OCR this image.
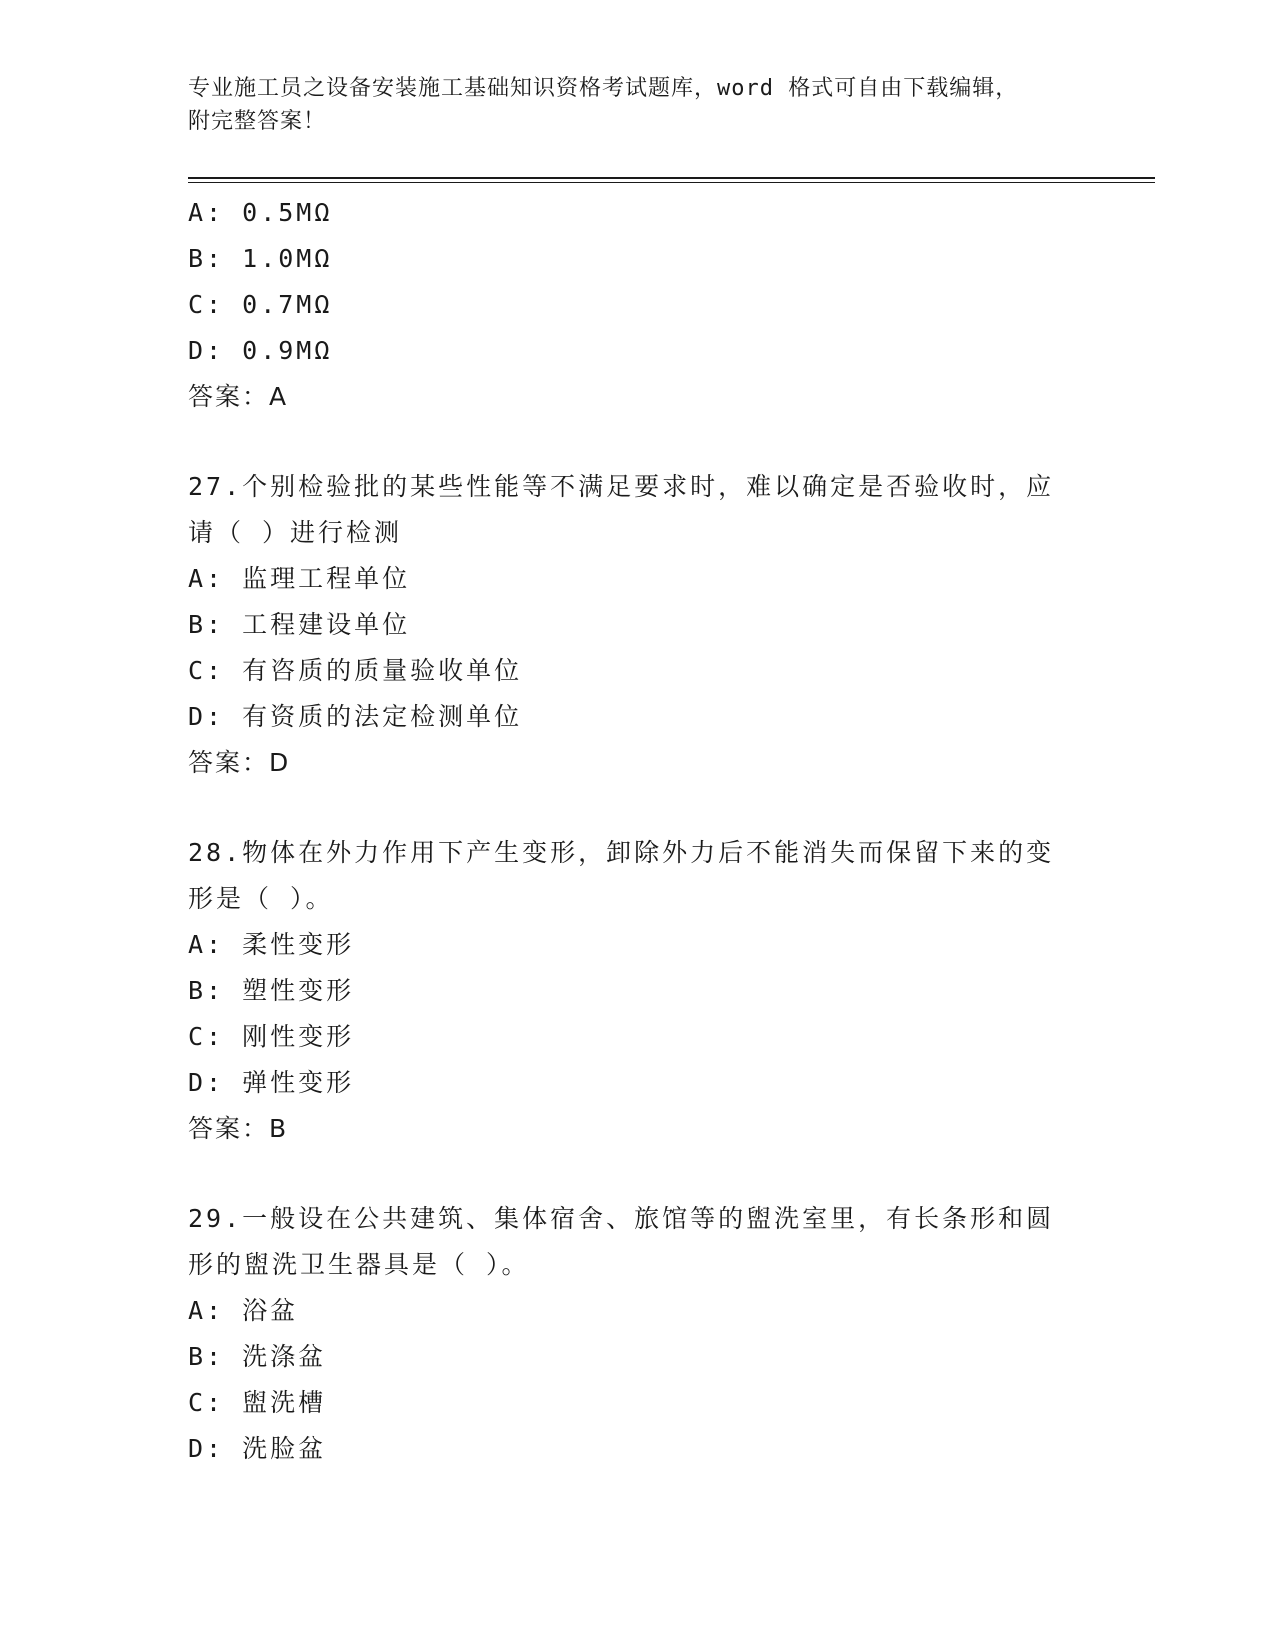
专业施工员之设备安装施工基础知识资格考试题库，word 格式可自由下载编辑，
附完整答案！
A: 0.5MΩ
B: 1.0MΩ
C: 0.7MΩ
D: 0.9MΩ
答案：A
27.个别检验批的某些性能等不满足要求时，难以确定是否验收时，应
请（ ）进行检测
A: 监理工程单位
B: 工程建设单位
C: 有咨质的质量验收单位
D: 有资质的法定检测单位
答案：D
28.物体在外力作用下产生变形，卸除外力后不能消失而保留下来的变
形是（ ）。
A: 柔性变形
B: 塑性变形
C: 刚性变形
D: 弹性变形
答案：B
29.一般设在公共建筑、集体宿舍、旅馆等的盥洗室里，有长条形和圆
形的盥洗卫生器具是（ ）。
A: 浴盆
B: 洗涤盆
C: 盥洗槽
D: 洗脸盆
